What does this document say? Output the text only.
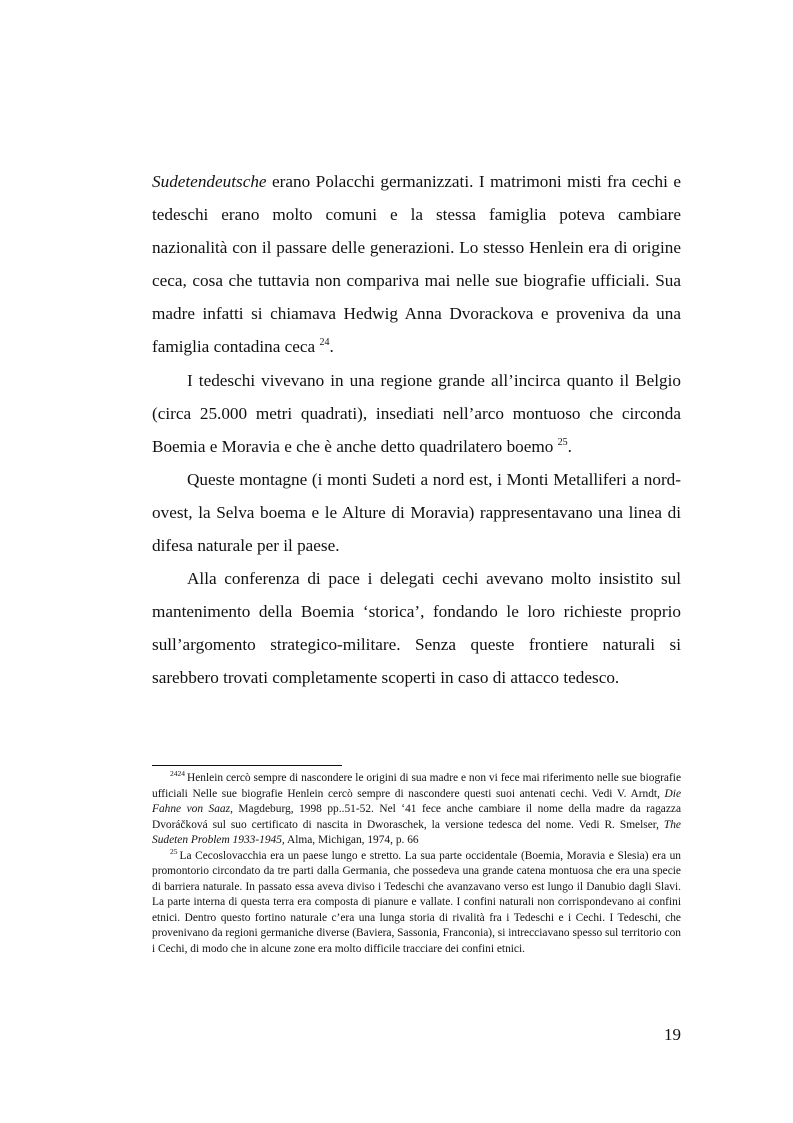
Sudetendeutsche erano Polacchi germanizzati. I matrimoni misti fra cechi e tedeschi erano molto comuni e la stessa famiglia poteva cambiare nazionalità con il passare delle generazioni. Lo stesso Henlein era di origine ceca, cosa che tuttavia non compariva mai nelle sue biografie ufficiali. Sua madre infatti si chiamava Hedwig Anna Dvorackova e proveniva da una famiglia contadina ceca $^{24}$.

I tedeschi vivevano in una regione grande all’incirca quanto il Belgio (circa 25.000 metri quadrati), insediati nell’arco montuoso che circonda Boemia e Moravia e che è anche detto quadrilatero boemo $^{25}$.

Queste montagne (i monti Sudeti a nord est, i Monti Metalliferi a nord-ovest, la Selva boema e le Alture di Moravia) rappresentavano una linea di difesa naturale per il paese.

Alla conferenza di pace i delegati cechi avevano molto insistito sul mantenimento della Boemia ‘storica’, fondando le loro richieste proprio sull’argomento strategico-militare. Senza queste frontiere naturali si sarebbero trovati completamente scoperti in caso di attacco tedesco.

$^{2424}$ Henlein cercò sempre di nascondere le origini di sua madre e non vi fece mai riferimento nelle sue biografie ufficiali Nelle sue biografie Henlein cercò sempre di nascondere questi suoi antenati cechi. Vedi V. Arndt, Die Fahne von Saaz, Magdeburg, 1998 pp..51-52. Nel ‘41 fece anche cambiare il nome della madre da ragazza Dvoráčková sul suo certificato di nascita in Dworaschek, la versione tedesca del nome. Vedi R. Smelser, The Sudeten Problem 1933-1945, Alma, Michigan, 1974, p. 66

$^{25}$ La Cecoslovacchia era un paese lungo e stretto. La sua parte occidentale (Boemia, Moravia e Slesia) era un promontorio circondato da tre parti dalla Germania, che possedeva una grande catena montuosa che era una specie di barriera naturale. In passato essa aveva diviso i Tedeschi che avanzavano verso est lungo il Danubio dagli Slavi. La parte interna di questa terra era composta di pianure e vallate. I confini naturali non corrispondevano ai confini etnici. Dentro questo fortino naturale c’era una lunga storia di rivalità fra i Tedeschi e i Cechi. I Tedeschi, che provenivano da regioni germaniche diverse (Baviera, Sassonia, Franconia), si intrecciavano spesso sul territorio con i Cechi, di modo che in alcune zone era molto difficile tracciare dei confini etnici.

19
